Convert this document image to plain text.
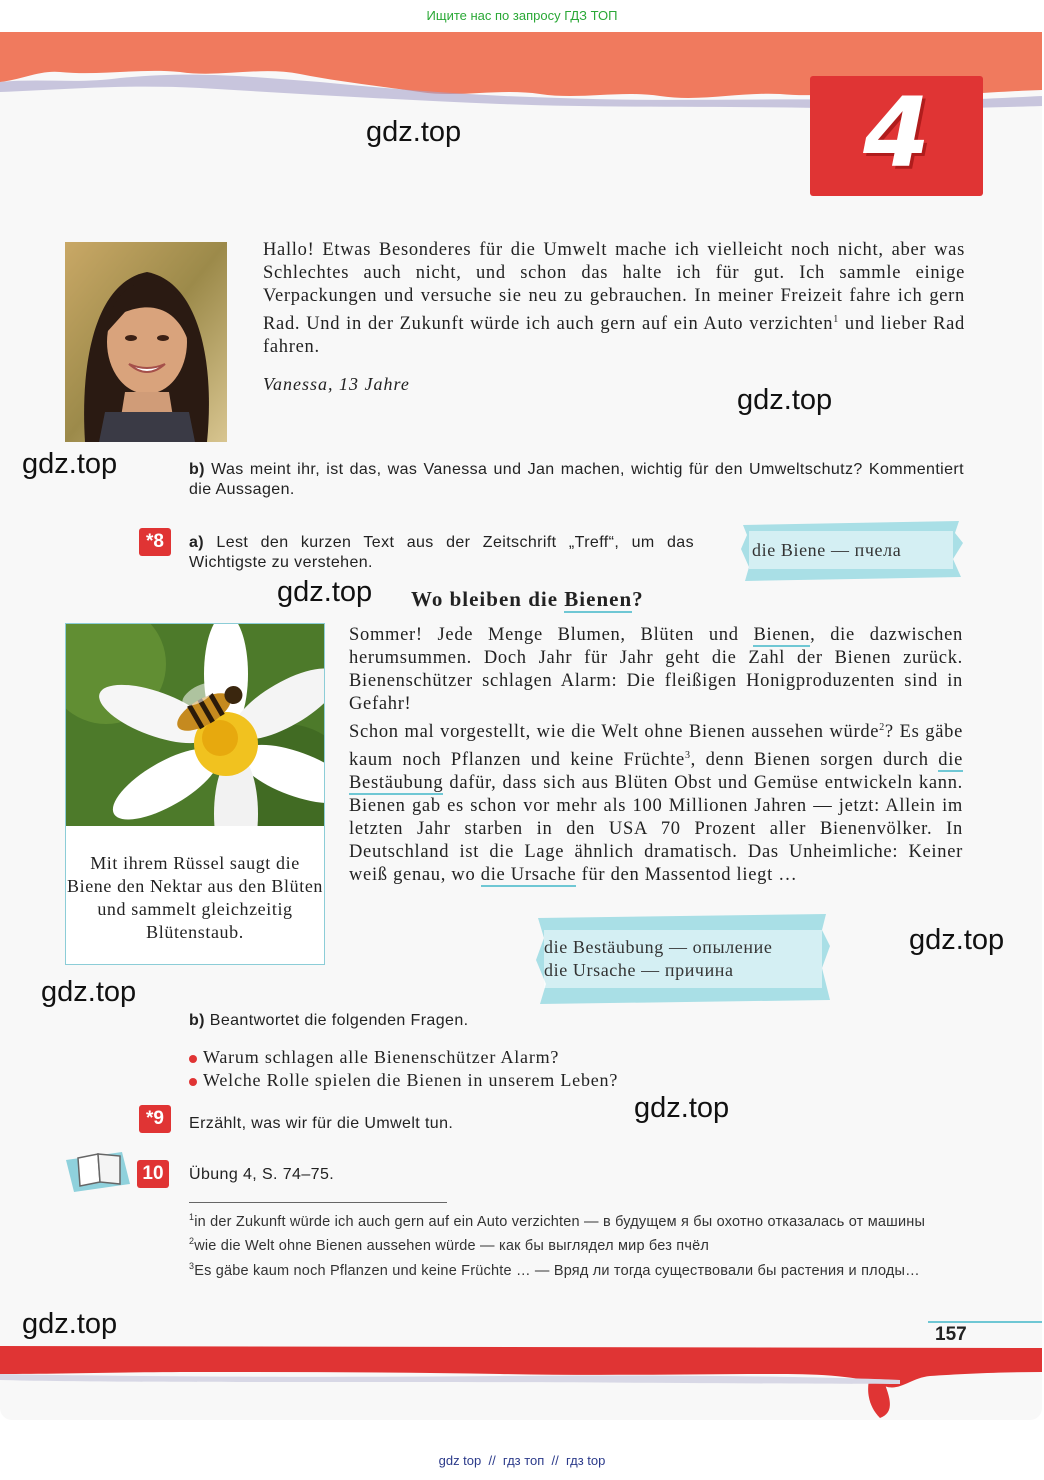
Ищите нас по запросу ГДЗ ТОП
4
gdz.top
gdz.top
gdz.top
gdz.top
gdz.top
gdz.top
gdz.top
gdz.top
Hallo! Etwas Besonderes für die Umwelt mache ich vielleicht noch nicht, aber was Schlechtes auch nicht, und schon das halte ich für gut. Ich sammle einige Verpackungen und versuche sie neu zu gebrauchen. In meiner Freizeit fahre ich gern Rad. Und in der Zukunft würde ich auch gern auf ein Auto verzichten$^1$ und lieber Rad fahren.
Vanessa, 13 Jahre
b) Was meint ihr, ist das, was Vanessa und Jan machen, wichtig für den Umweltschutz? Kommentiert die Aussagen.
*8	a) Lest den kurzen Text aus der Zeitschrift „Treff“, um das Wichtigste zu verstehen.
die Biene — пчела
Wo bleiben die Bienen?
Mit ihrem Rüssel saugt die Biene den Nektar aus den Blüten und sammelt gleichzeitig Blütenstaub.
Sommer! Jede Menge Blumen, Blüten und Bienen, die dazwischen herumsummen. Doch Jahr für Jahr geht die Zahl der Bienen zurück. Bienenschützer schlagen Alarm: Die fleißigen Honigproduzenten sind in Gefahr!
Schon mal vorgestellt, wie die Welt ohne Bienen aussehen würde$^2$? Es gäbe kaum noch Pflanzen und keine Früchte$^3$, denn Bienen sorgen durch die Bestäubung dafür, dass sich aus Blüten Obst und Gemüse entwickeln kann. Bienen gab es schon vor mehr als 100 Millionen Jahren — jetzt: Allein im letzten Jahr starben in den USA 70 Prozent aller Bienenvölker. In Deutschland ist die Lage ähnlich dramatisch. Das Unheimliche: Keiner weiß genau, wo die Ursache für den Massentod liegt …
die Bestäubung — опыление
die Ursache — причина
b) Beantwortet die folgenden Fragen.
Warum schlagen alle Bienenschützer Alarm?
Welche Rolle spielen die Bienen in unserem Leben?
*9	Erzählt, was wir für die Umwelt tun.
10	Übung 4, S. 74–75.
$^1$in der Zukunft würde ich auch gern auf ein Auto verzichten — в будущем я бы охотно отказалась от машины
$^2$wie die Welt ohne Bienen aussehen würde — как бы выглядел мир без пчёл
$^3$Es gäbe kaum noch Pflanzen und keine Früchte … — Вряд ли тогда существовали бы растения и плоды…
157
gdz top  //  гдз топ  //  гдз top
